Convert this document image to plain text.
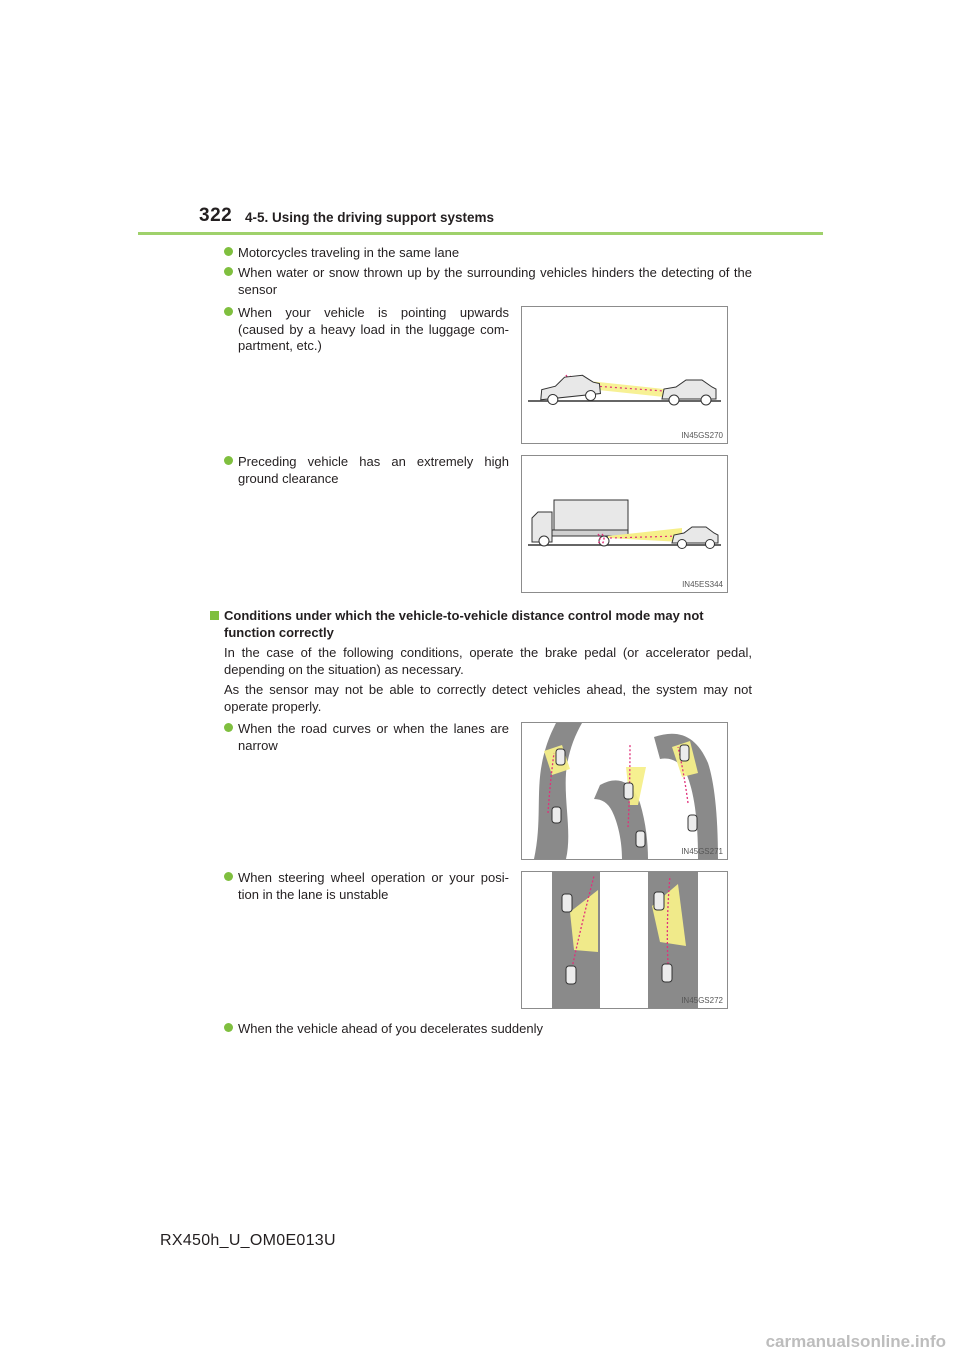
322 4-5. Using the driving support systems
Motorcycles traveling in the same lane
When water or snow thrown up by the surrounding vehicles hinders the detecting of the sensor
When your vehicle is pointing upwards (caused by a heavy load in the luggage com-partment, etc.)
IN45GS270
Preceding vehicle has an extremely high ground clearance
IN45ES344
Conditions under which the vehicle-to-vehicle distance control mode may not function correctly
In the case of the following conditions, operate the brake pedal (or accelerator pedal, depending on the situation) as necessary.
As the sensor may not be able to correctly detect vehicles ahead, the system may not operate properly.
When the road curves or when the lanes are narrow
IN45GS271
When steering wheel operation or your posi-tion in the lane is unstable
IN45GS272
When the vehicle ahead of you decelerates suddenly
RX450h_U_OM0E013U
carmanualsonline.info
